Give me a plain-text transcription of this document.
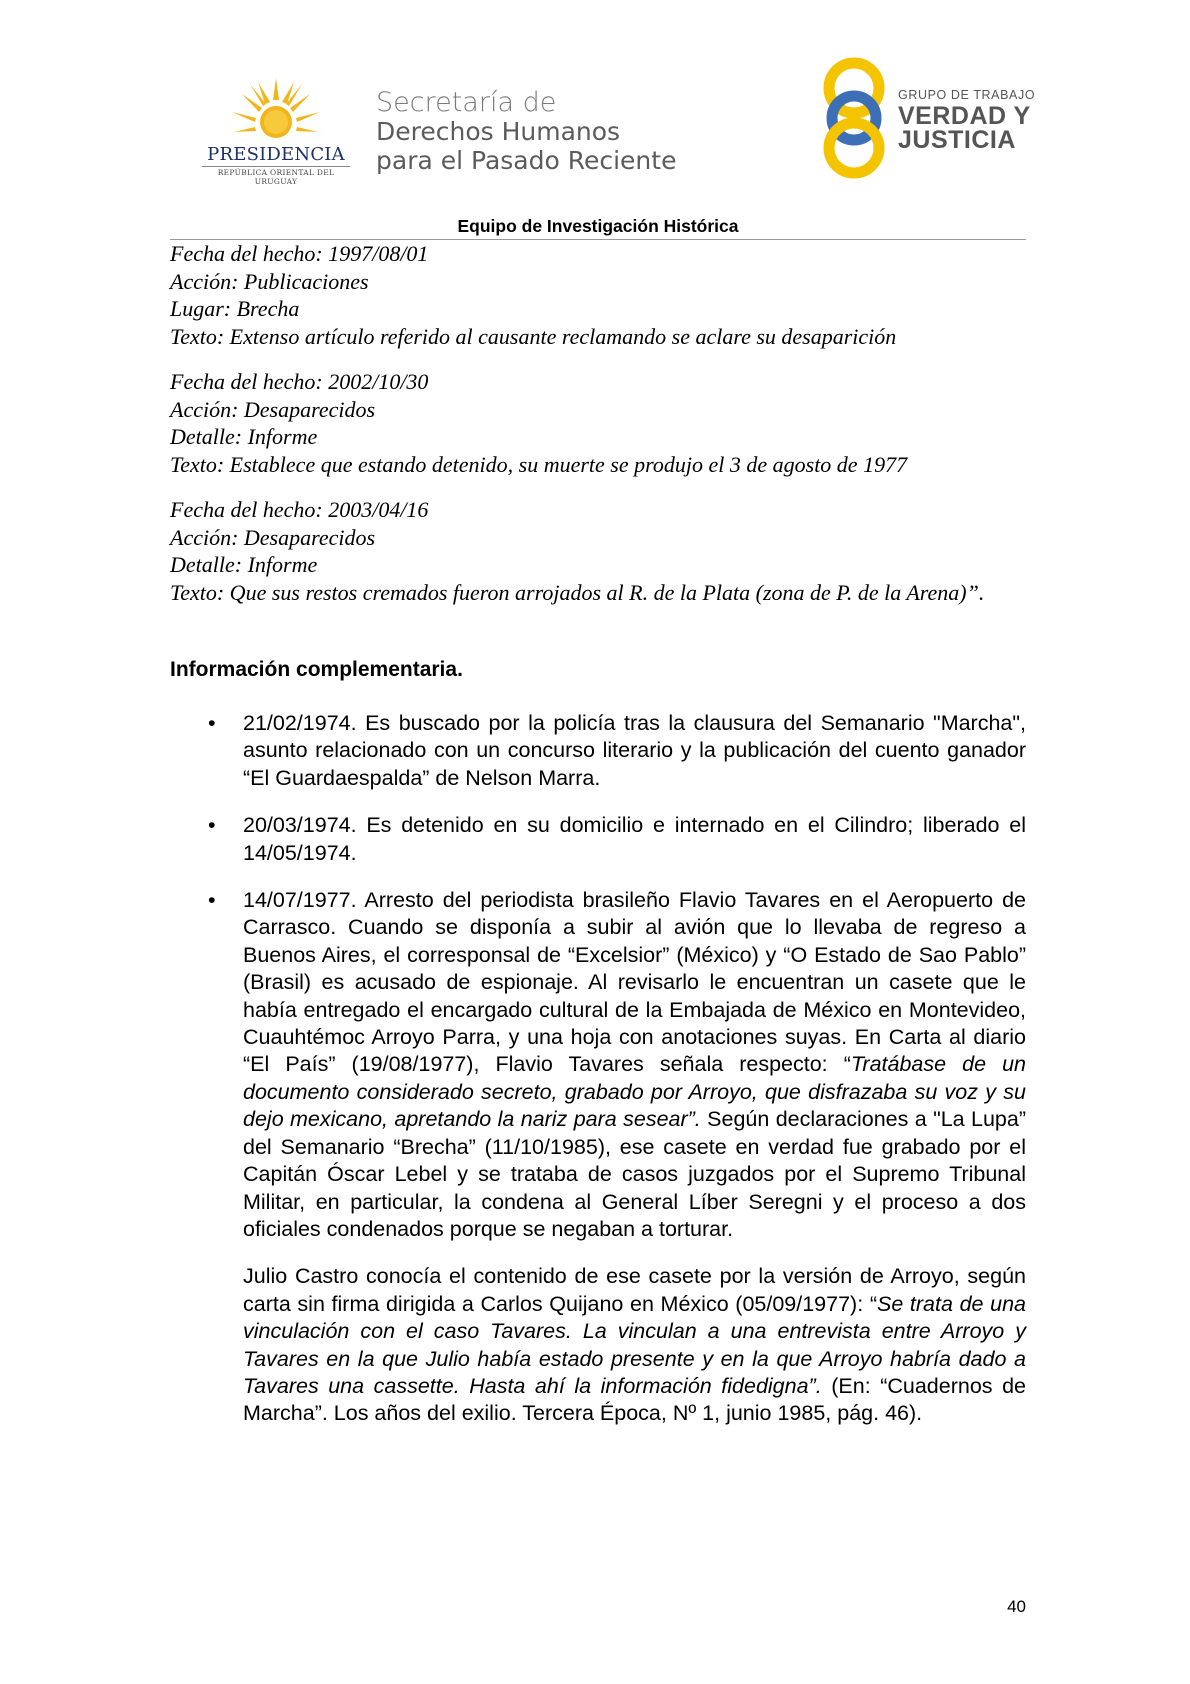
PRESIDENCIA
REPÚBLICA ORIENTAL DEL URUGUAY
Secretaría de
Derechos Humanos
para el Pasado Reciente
GRUPO DE TRABAJO
VERDAD Y
JUSTICIA
Equipo de Investigación Histórica
Fecha del hecho: 1997/08/01
Acción: Publicaciones
Lugar: Brecha
Texto: Extenso artículo referido al causante reclamando se aclare su desaparición
Fecha del hecho: 2002/10/30
Acción: Desaparecidos
Detalle: Informe
Texto: Establece que estando detenido, su muerte se produjo el 3 de agosto de 1977
Fecha del hecho: 2003/04/16
Acción: Desaparecidos
Detalle: Informe
Texto: Que sus restos cremados fueron arrojados al R. de la Plata (zona de P. de la Arena)”.
Información complementaria.
• 21/02/1974. Es buscado por la policía tras la clausura del Semanario "Marcha", asunto relacionado con un concurso literario y la publicación del cuento ganador “El Guardaespalda” de Nelson Marra.
• 20/03/1974. Es detenido en su domicilio e internado en el Cilindro; liberado el 14/05/1974.
• 14/07/1977. Arresto del periodista brasileño Flavio Tavares en el Aeropuerto de Carrasco. Cuando se disponía a subir al avión que lo llevaba de regreso a Buenos Aires, el corresponsal de “Excelsior” (México) y “O Estado de Sao Pablo” (Brasil) es acusado de espionaje. Al revisarlo le encuentran un casete que le había entregado el encargado cultural de la Embajada de México en Montevideo, Cuauhtémoc Arroyo Parra, y una hoja con anotaciones suyas. En Carta al diario “El País” (19/08/1977), Flavio Tavares señala respecto: “Tratábase de un documento considerado secreto, grabado por Arroyo, que disfrazaba su voz y su dejo mexicano, apretando la nariz para sesear”. Según declaraciones a "La Lupa” del Semanario “Brecha” (11/10/1985), ese casete en verdad fue grabado por el Capitán Óscar Lebel y se trataba de casos juzgados por el Supremo Tribunal Militar, en particular, la condena al General Líber Seregni y el proceso a dos oficiales condenados porque se negaban a torturar.
Julio Castro conocía el contenido de ese casete por la versión de Arroyo, según carta sin firma dirigida a Carlos Quijano en México (05/09/1977): “Se trata de una vinculación con el caso Tavares. La vinculan a una entrevista entre Arroyo y Tavares en la que Julio había estado presente y en la que Arroyo habría dado a Tavares una cassette. Hasta ahí la información fidedigna”. (En: “Cuadernos de Marcha”. Los años del exilio. Tercera Época, Nº 1, junio 1985, pág. 46).
40
